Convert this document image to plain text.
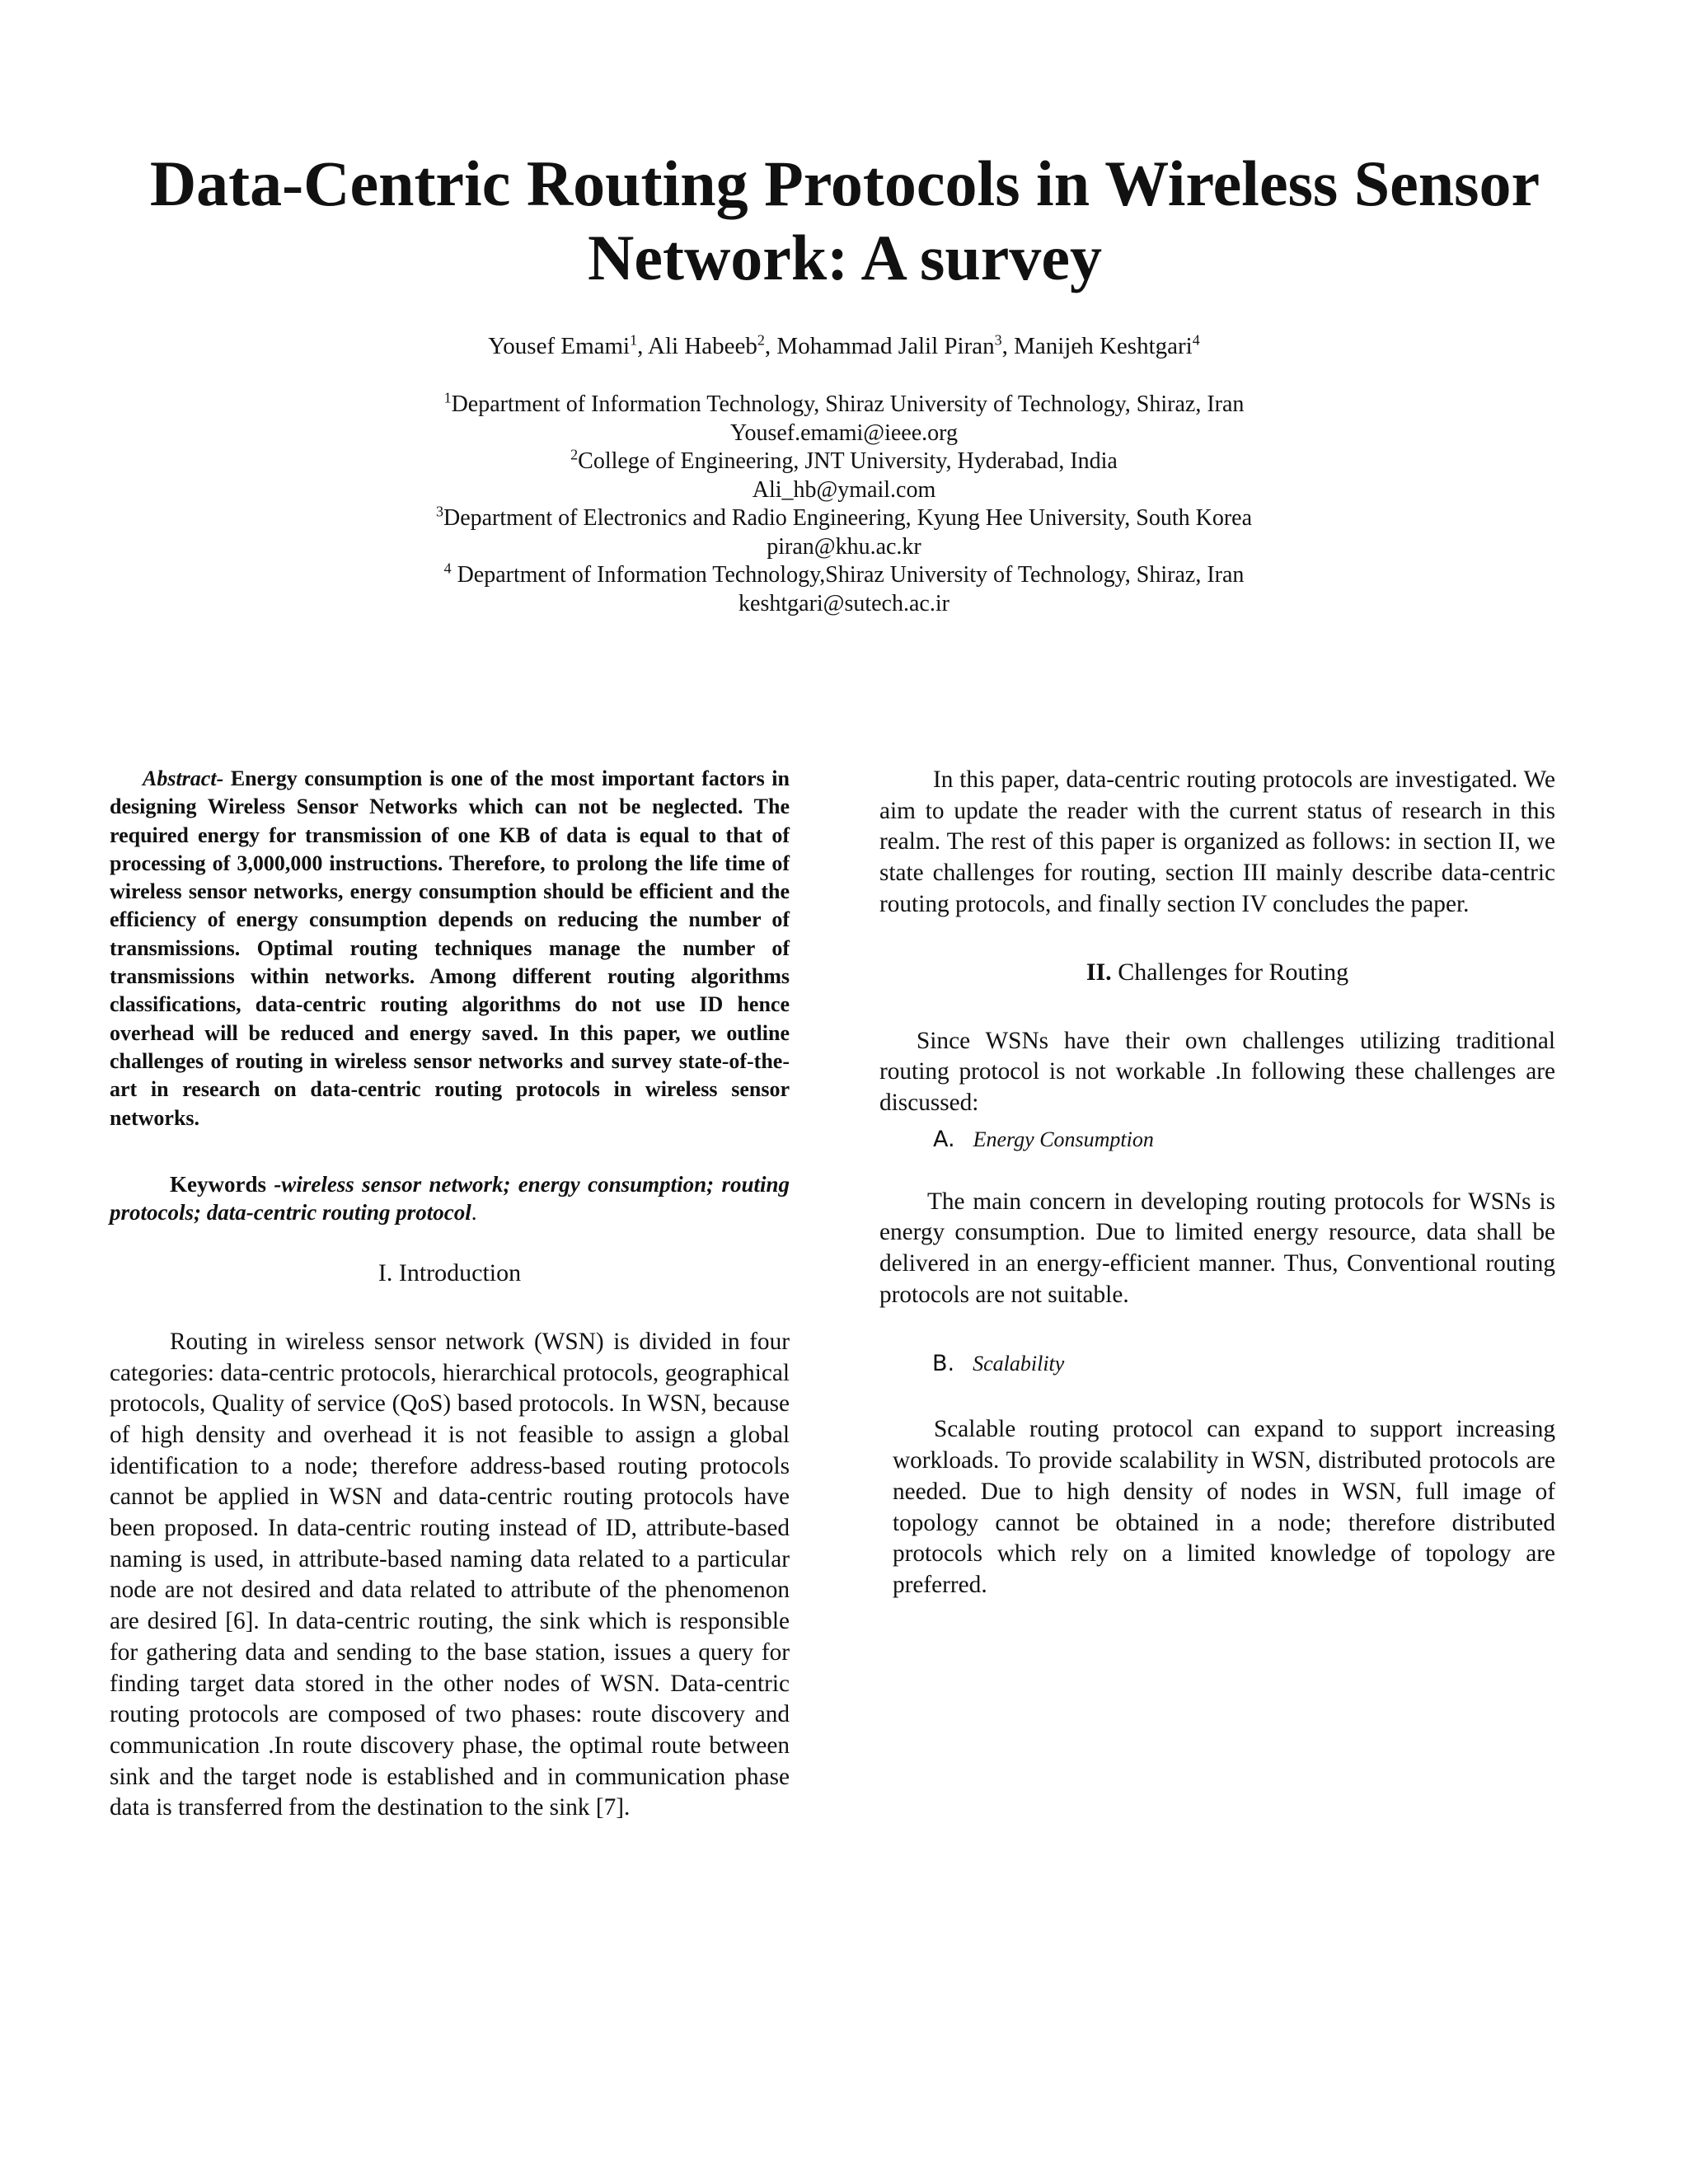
Data-Centric Routing Protocols in Wireless Sensor Network: A survey
Yousef Emami$^1$, Ali Habeeb$^2$, Mohammad Jalil Piran$^3$, Manijeh Keshtgari$^4$
$^1$Department of Information Technology, Shiraz University of Technology, Shiraz, Iran
Yousef.emami@ieee.org
$^2$College of Engineering, JNT University, Hyderabad, India
Ali_hb@ymail.com
$^3$Department of Electronics and Radio Engineering, Kyung Hee University, South Korea
piran@khu.ac.kr
$^4$ Department of Information Technology,Shiraz University of Technology, Shiraz, Iran
keshtgari@sutech.ac.ir

Abstract- Energy consumption is one of the most important factors in designing Wireless Sensor Networks which can not be neglected. The required energy for transmission of one KB of data is equal to that of processing of 3,000,000 instructions. Therefore, to prolong the life time of wireless sensor networks, energy consumption should be efficient and the efficiency of energy consumption depends on reducing the number of transmissions. Optimal routing techniques manage the number of transmissions within networks. Among different routing algorithms classifications, data-centric routing algorithms do not use ID hence overhead will be reduced and energy saved. In this paper, we outline challenges of routing in wireless sensor networks and survey state-of-the-art in research on data-centric routing protocols in wireless sensor networks.

Keywords -wireless sensor network; energy consumption; routing protocols; data-centric routing protocol.

I. Introduction

Routing in wireless sensor network (WSN) is divided in four categories: data-centric protocols, hierarchical protocols, geographical protocols, Quality of service (QoS) based protocols. In WSN, because of high density and overhead it is not feasible to assign a global identification to a node; therefore address-based routing protocols cannot be applied in WSN and data-centric routing protocols have been proposed. In data-centric routing instead of ID, attribute-based naming is used, in attribute-based naming data related to a particular node are not desired and data related to attribute of the phenomenon are desired [6]. In data-centric routing, the sink which is responsible for gathering data and sending to the base station, issues a query for finding target data stored in the other nodes of WSN. Data-centric routing protocols are composed of two phases: route discovery and communication .In route discovery phase, the optimal route between sink and the target node is established and in communication phase data is transferred from the destination to the sink [7].

In this paper, data-centric routing protocols are investigated. We aim to update the reader with the current status of research in this realm. The rest of this paper is organized as follows: in section II, we state challenges for routing, section III mainly describe data-centric routing protocols, and finally section IV concludes the paper.

II. Challenges for Routing

Since WSNs have their own challenges utilizing traditional routing protocol is not workable .In following these challenges are discussed:

A. Energy Consumption

The main concern in developing routing protocols for WSNs is energy consumption. Due to limited energy resource, data shall be delivered in an energy-efficient manner. Thus, Conventional routing protocols are not suitable.

B. Scalability

Scalable routing protocol can expand to support increasing workloads. To provide scalability in WSN, distributed protocols are needed. Due to high density of nodes in WSN, full image of topology cannot be obtained in a node; therefore distributed protocols which rely on a limited knowledge of topology are preferred.
